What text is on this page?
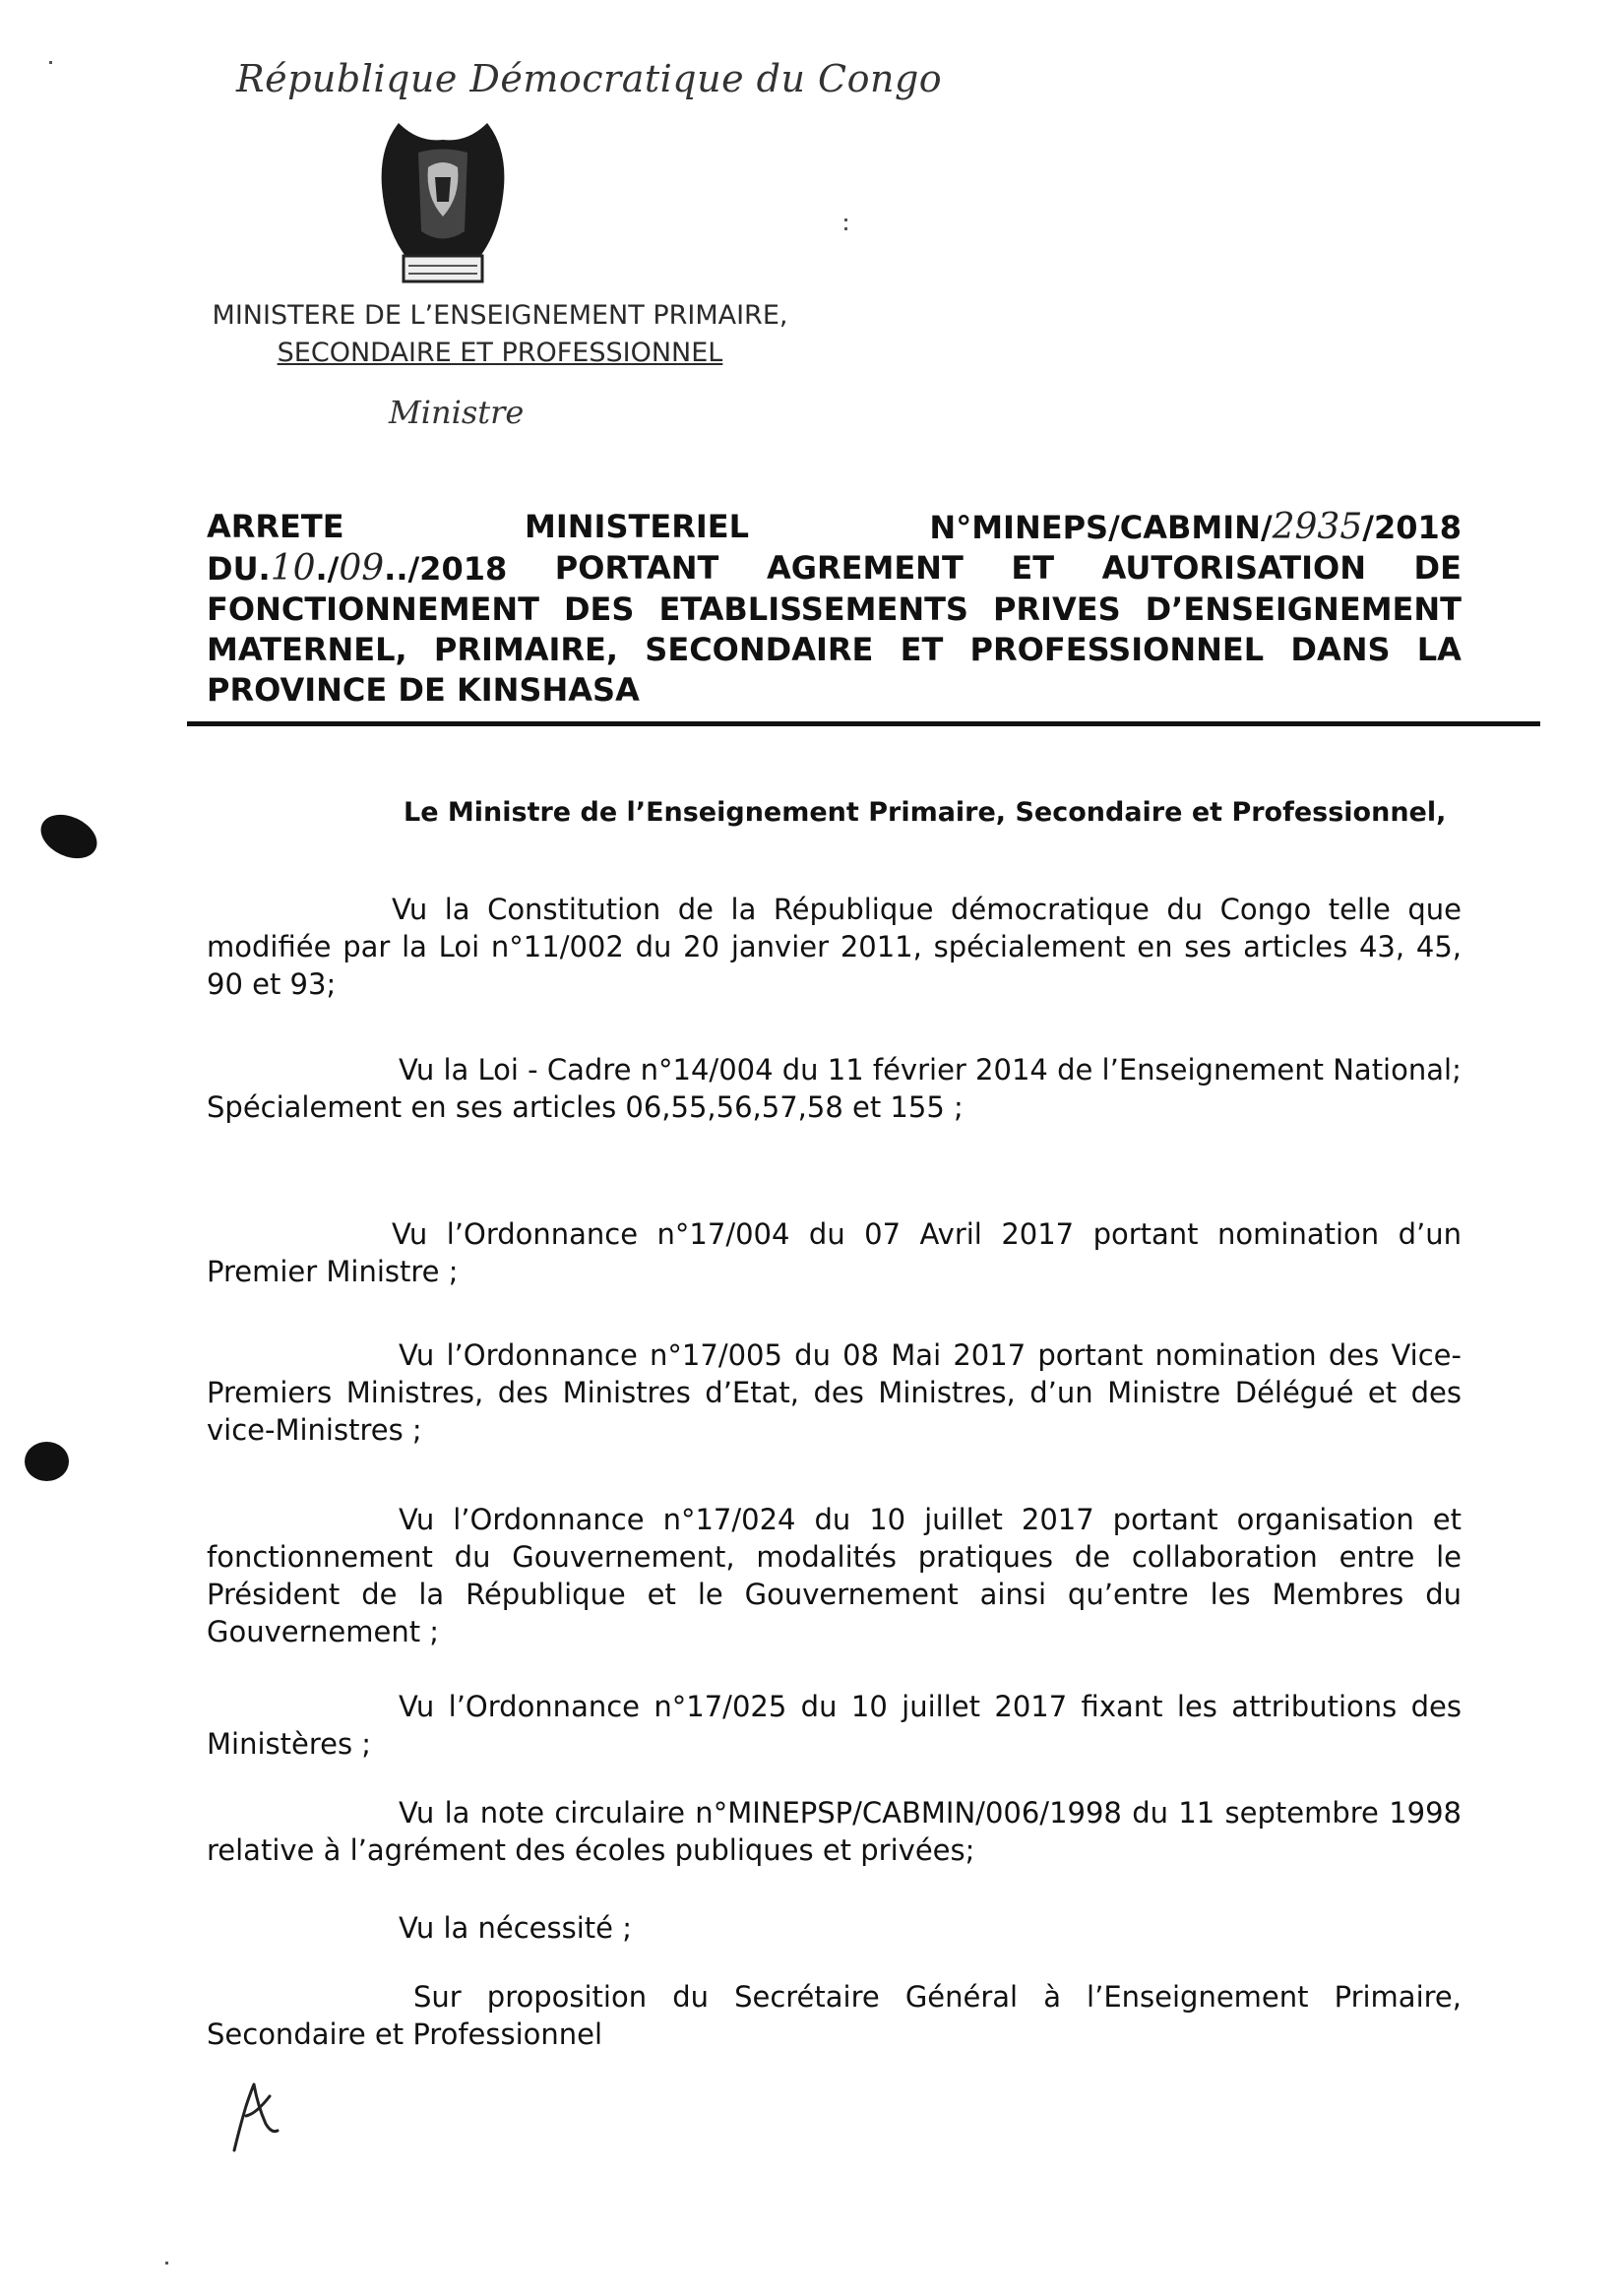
République Démocratique du Congo
MINISTERE DE L’ENSEIGNEMENT PRIMAIRE,
SECONDAIRE ET PROFESSIONNEL
Ministre
ARRETE	MINISTERIEL	N°MINEPS/CABMIN/2935/2018
DU.10./09../2018 PORTANT AGREMENT ET AUTORISATION DE
FONCTIONNEMENT DES ETABLISSEMENTS PRIVES D’ENSEIGNEMENT
MATERNEL, PRIMAIRE, SECONDAIRE ET PROFESSIONNEL DANS LA
PROVINCE DE KINSHASA
Le Ministre de l’Enseignement Primaire, Secondaire et Professionnel,

Vu la Constitution de la République démocratique du Congo telle que modifiée par la Loi n°11/002 du 20 janvier 2011, spécialement en ses articles 43, 45, 90 et 93;

Vu la Loi - Cadre n°14/004 du 11 février 2014 de l’Enseignement National;

Spécialement en ses articles 06,55,56,57,58 et 155 ;

Vu l’Ordonnance n°17/004 du 07 Avril 2017 portant nomination d’un Premier Ministre ;

Vu l’Ordonnance n°17/005 du 08 Mai 2017 portant nomination des Vice-Premiers Ministres, des Ministres d’Etat, des Ministres, d’un Ministre Délégué et des vice-Ministres ;

Vu l’Ordonnance n°17/024 du 10 juillet 2017 portant organisation et fonctionnement du Gouvernement, modalités pratiques de collaboration entre le Président de la République et le Gouvernement ainsi qu’entre les Membres du Gouvernement ;

Vu l’Ordonnance n°17/025 du 10 juillet 2017 fixant les attributions des Ministères ;

Vu la note circulaire n°MINEPSP/CABMIN/006/1998 du 11 septembre 1998 relative à l’agrément des écoles publiques et privées;

Vu la nécessité ;

Sur proposition du Secrétaire Général à l’Enseignement Primaire, Secondaire et Professionnel
